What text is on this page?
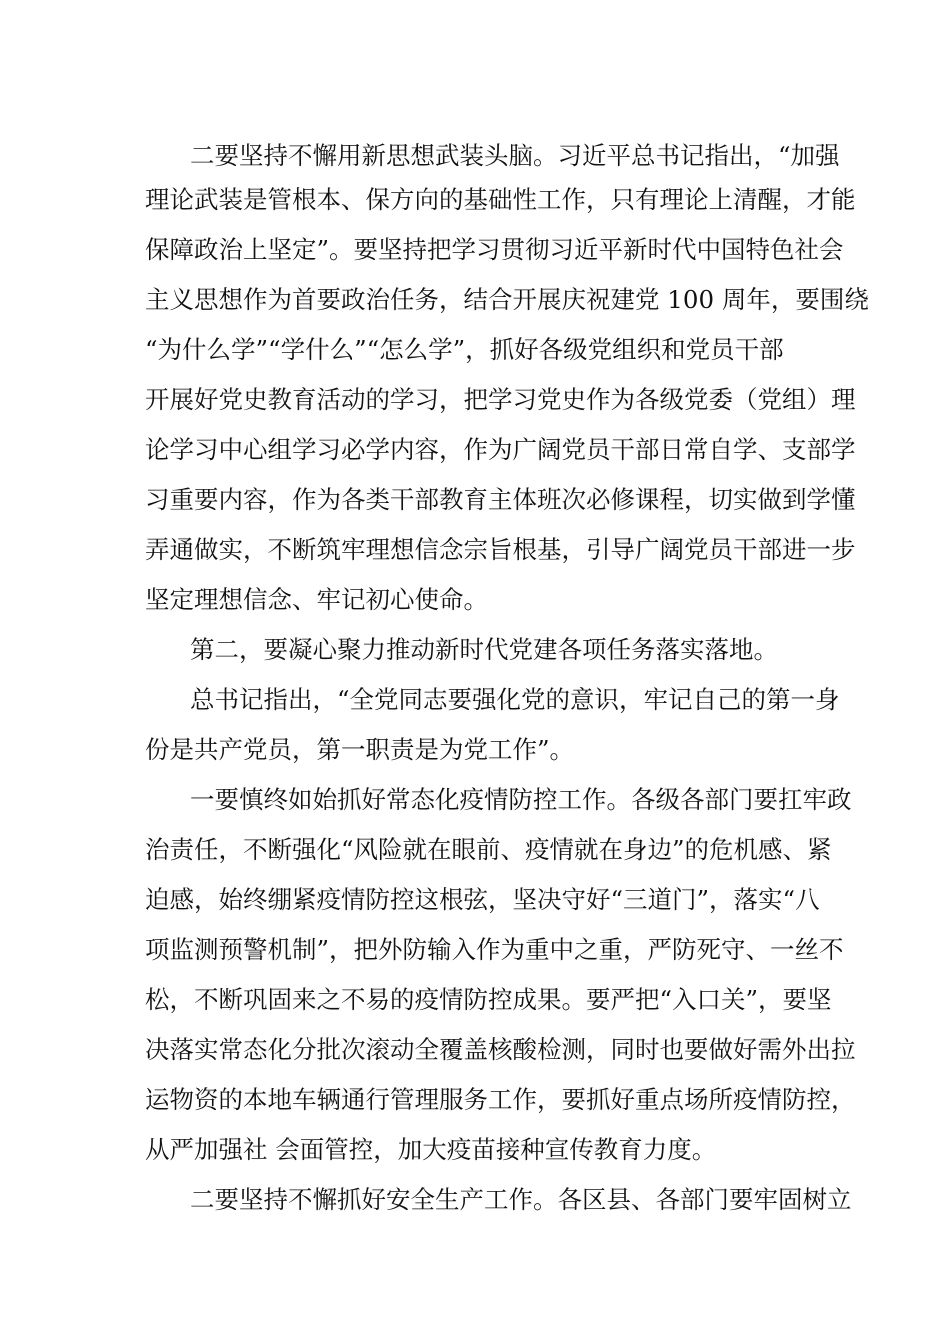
二要坚持不懈用新思想武装头脑。习近平总书记指出，“加强
理论武装是管根本、保方向的基础性工作，只有理论上清醒，才能
保障政治上坚定”。要坚持把学习贯彻习近平新时代中国特色社会
主义思想作为首要政治任务，结合开展庆祝建党 100 周年，要围绕
“为什么学”“学什么”“怎么学”，抓好各级党组织和党员干部
开展好党史教育活动的学习，把学习党史作为各级党委（党组）理
论学习中心组学习必学内容，作为广阔党员干部日常自学、支部学
习重要内容，作为各类干部教育主体班次必修课程，切实做到学懂
弄通做实，不断筑牢理想信念宗旨根基，引导广阔党员干部进一步
坚定理想信念、牢记初心使命。
第二，要凝心聚力推动新时代党建各项任务落实落地。
总书记指出，“全党同志要强化党的意识，牢记自己的第一身
份是共产党员，第一职责是为党工作”。
一要慎终如始抓好常态化疫情防控工作。各级各部门要扛牢政
治责任，不断强化“风险就在眼前、疫情就在身边”的危机感、紧
迫感，始终绷紧疫情防控这根弦，坚决守好“三道门”，落实“八
项监测预警机制”，把外防输入作为重中之重，严防死守、一丝不
松，不断巩固来之不易的疫情防控成果。要严把“入口关”，要坚
决落实常态化分批次滚动全覆盖核酸检测，同时也要做好需外出拉
运物资的本地车辆通行管理服务工作，要抓好重点场所疫情防控，
从严加强社 会面管控，加大疫苗接种宣传教育力度。
二要坚持不懈抓好安全生产工作。各区县、各部门要牢固树立
